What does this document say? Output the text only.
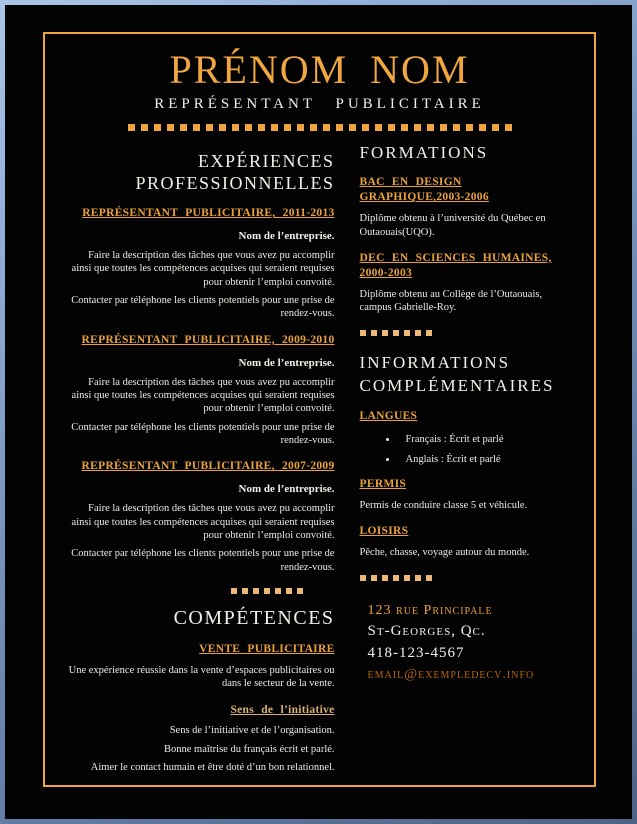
PRÉNOM NOM
REPRÉSENTANT PUBLICITAIRE
EXPÉRIENCES PROFESSIONNELLES
REPRÉSENTANT PUBLICITAIRE, 2011-2013
Nom de l’entreprise.
Faire la description des tâches que vous avez pu accomplir ainsi que toutes les compétences acquises qui seraient requises pour obtenir l’emploi convoité.
Contacter par téléphone les clients potentiels pour une prise de rendez-vous.
REPRÉSENTANT PUBLICITAIRE, 2009-2010
Nom de l’entreprise.
Faire la description des tâches que vous avez pu accomplir ainsi que toutes les compétences acquises qui seraient requises pour obtenir l’emploi convoité.
Contacter par téléphone les clients potentiels pour une prise de rendez-vous.
REPRÉSENTANT PUBLICITAIRE, 2007-2009
Nom de l’entreprise.
Faire la description des tâches que vous avez pu accomplir ainsi que toutes les compétences acquises qui seraient requises pour obtenir l’emploi convoité.
Contacter par téléphone les clients potentiels pour une prise de rendez-vous.
COMPÉTENCES
VENTE PUBLICITAIRE
Une expérience réussie dans la vente d’espaces publicitaires ou dans le secteur de la vente.
Sens de l’initiative
Sens de l’initiative et de l’organisation.
Bonne maîtrise du français écrit et parlé.
Aimer le contact humain et être doté d’un bon relationnel.
FORMATIONS
BAC EN DESIGN GRAPHIQUE,2003-2006
Diplôme obtenu à l’université du Québec en Outaouais(UQO).
DEC EN SCIENCES HUMAINES, 2000-2003
Diplôme obtenu au Collège de l’Outaouais, campus Gabrielle-Roy.
INFORMATIONS COMPLÉMENTAIRES
LANGUES
• Français : Écrit et parlé
• Anglais : Écrit et parlé
PERMIS
Permis de conduire classe 5 et véhicule.
LOISIRS
Pêche, chasse, voyage autour du monde.
123 rue Principale
St-Georges, Qc.
418-123-4567
email@exempledecv.info
